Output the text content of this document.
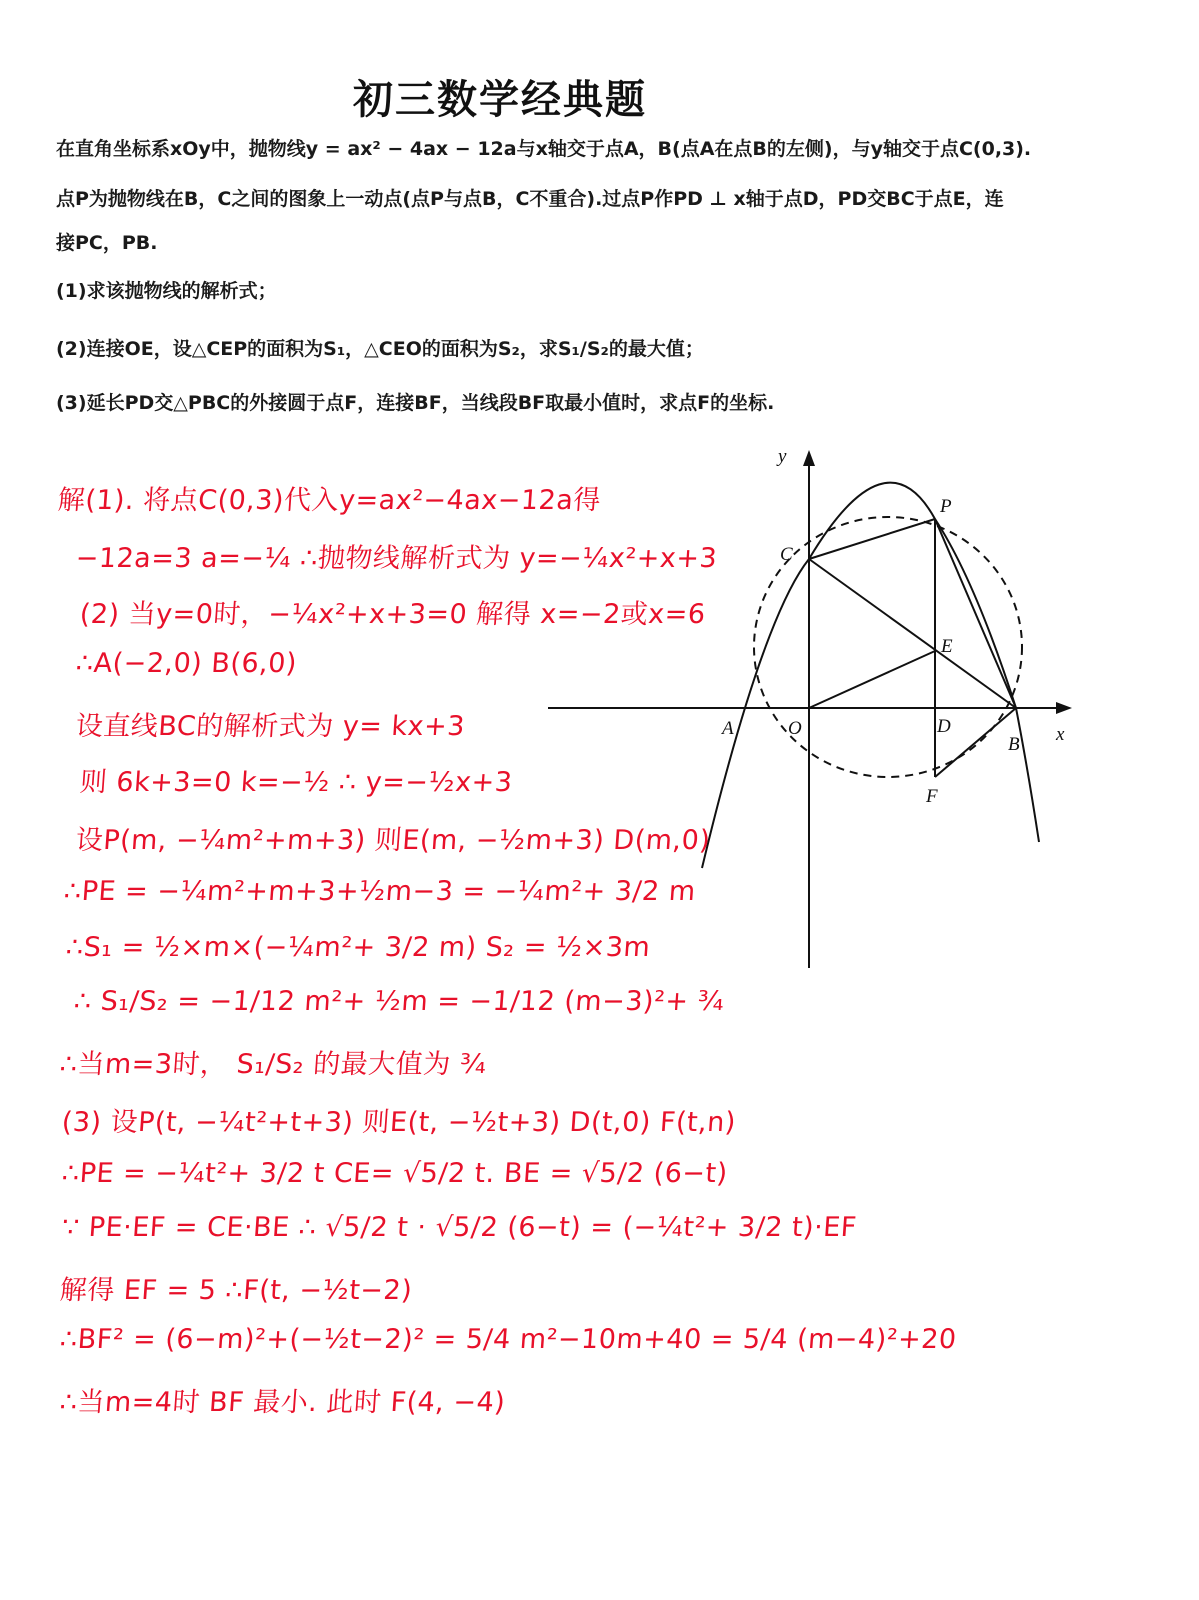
初三数学经典题
在直角坐标系xOy中，抛物线y = ax² − 4ax − 12a与x轴交于点A，B(点A在点B的左侧)，与y轴交于点C(0,3).
点P为抛物线在B，C之间的图象上一动点(点P与点B，C不重合).过点P作PD ⊥ x轴于点D，PD交BC于点E，连
接PC，PB.
(1)求该抛物线的解析式；
(2)连接OE，设△CEP的面积为S₁，△CEO的面积为S₂，求S₁/S₂的最大值；
(3)延长PD交△PBC的外接圆于点F，连接BF，当线段BF取最小值时，求点F的坐标.
y
x
A	O
B
C
P
E
D
F
解(1). 将点C(0,3)代入y=ax²−4ax−12a得
−12a=3 a=−¼ ∴抛物线解析式为 y=−¼x²+x+3
(2) 当y=0时，−¼x²+x+3=0 解得 x=−2或x=6
∴A(−2,0) B(6,0)
设直线BC的解析式为 y= kx+3
则 6k+3=0 k=−½ ∴ y=−½x+3
设P(m, −¼m²+m+3) 则E(m, −½m+3) D(m,0)
∴PE = −¼m²+m+3+½m−3 = −¼m²+ 3/2 m
∴S₁ = ½×m×(−¼m²+ 3/2 m) S₂ = ½×3m
∴ S₁/S₂ = −1/12 m²+ ½m = −1/12 (m−3)²+ ¾
∴当m=3时， S₁/S₂ 的最大值为 ¾
(3) 设P(t, −¼t²+t+3) 则E(t, −½t+3) D(t,0) F(t,n)
∴PE = −¼t²+ 3/2 t CE= √5/2 t. BE = √5/2 (6−t)
∵ PE·EF = CE·BE ∴ √5/2 t · √5/2 (6−t) = (−¼t²+ 3/2 t)·EF
解得 EF = 5 ∴F(t, −½t−2)
∴BF² = (6−m)²+(−½t−2)² = 5/4 m²−10m+40 = 5/4 (m−4)²+20
∴当m=4时 BF 最小. 此时 F(4, −4)
